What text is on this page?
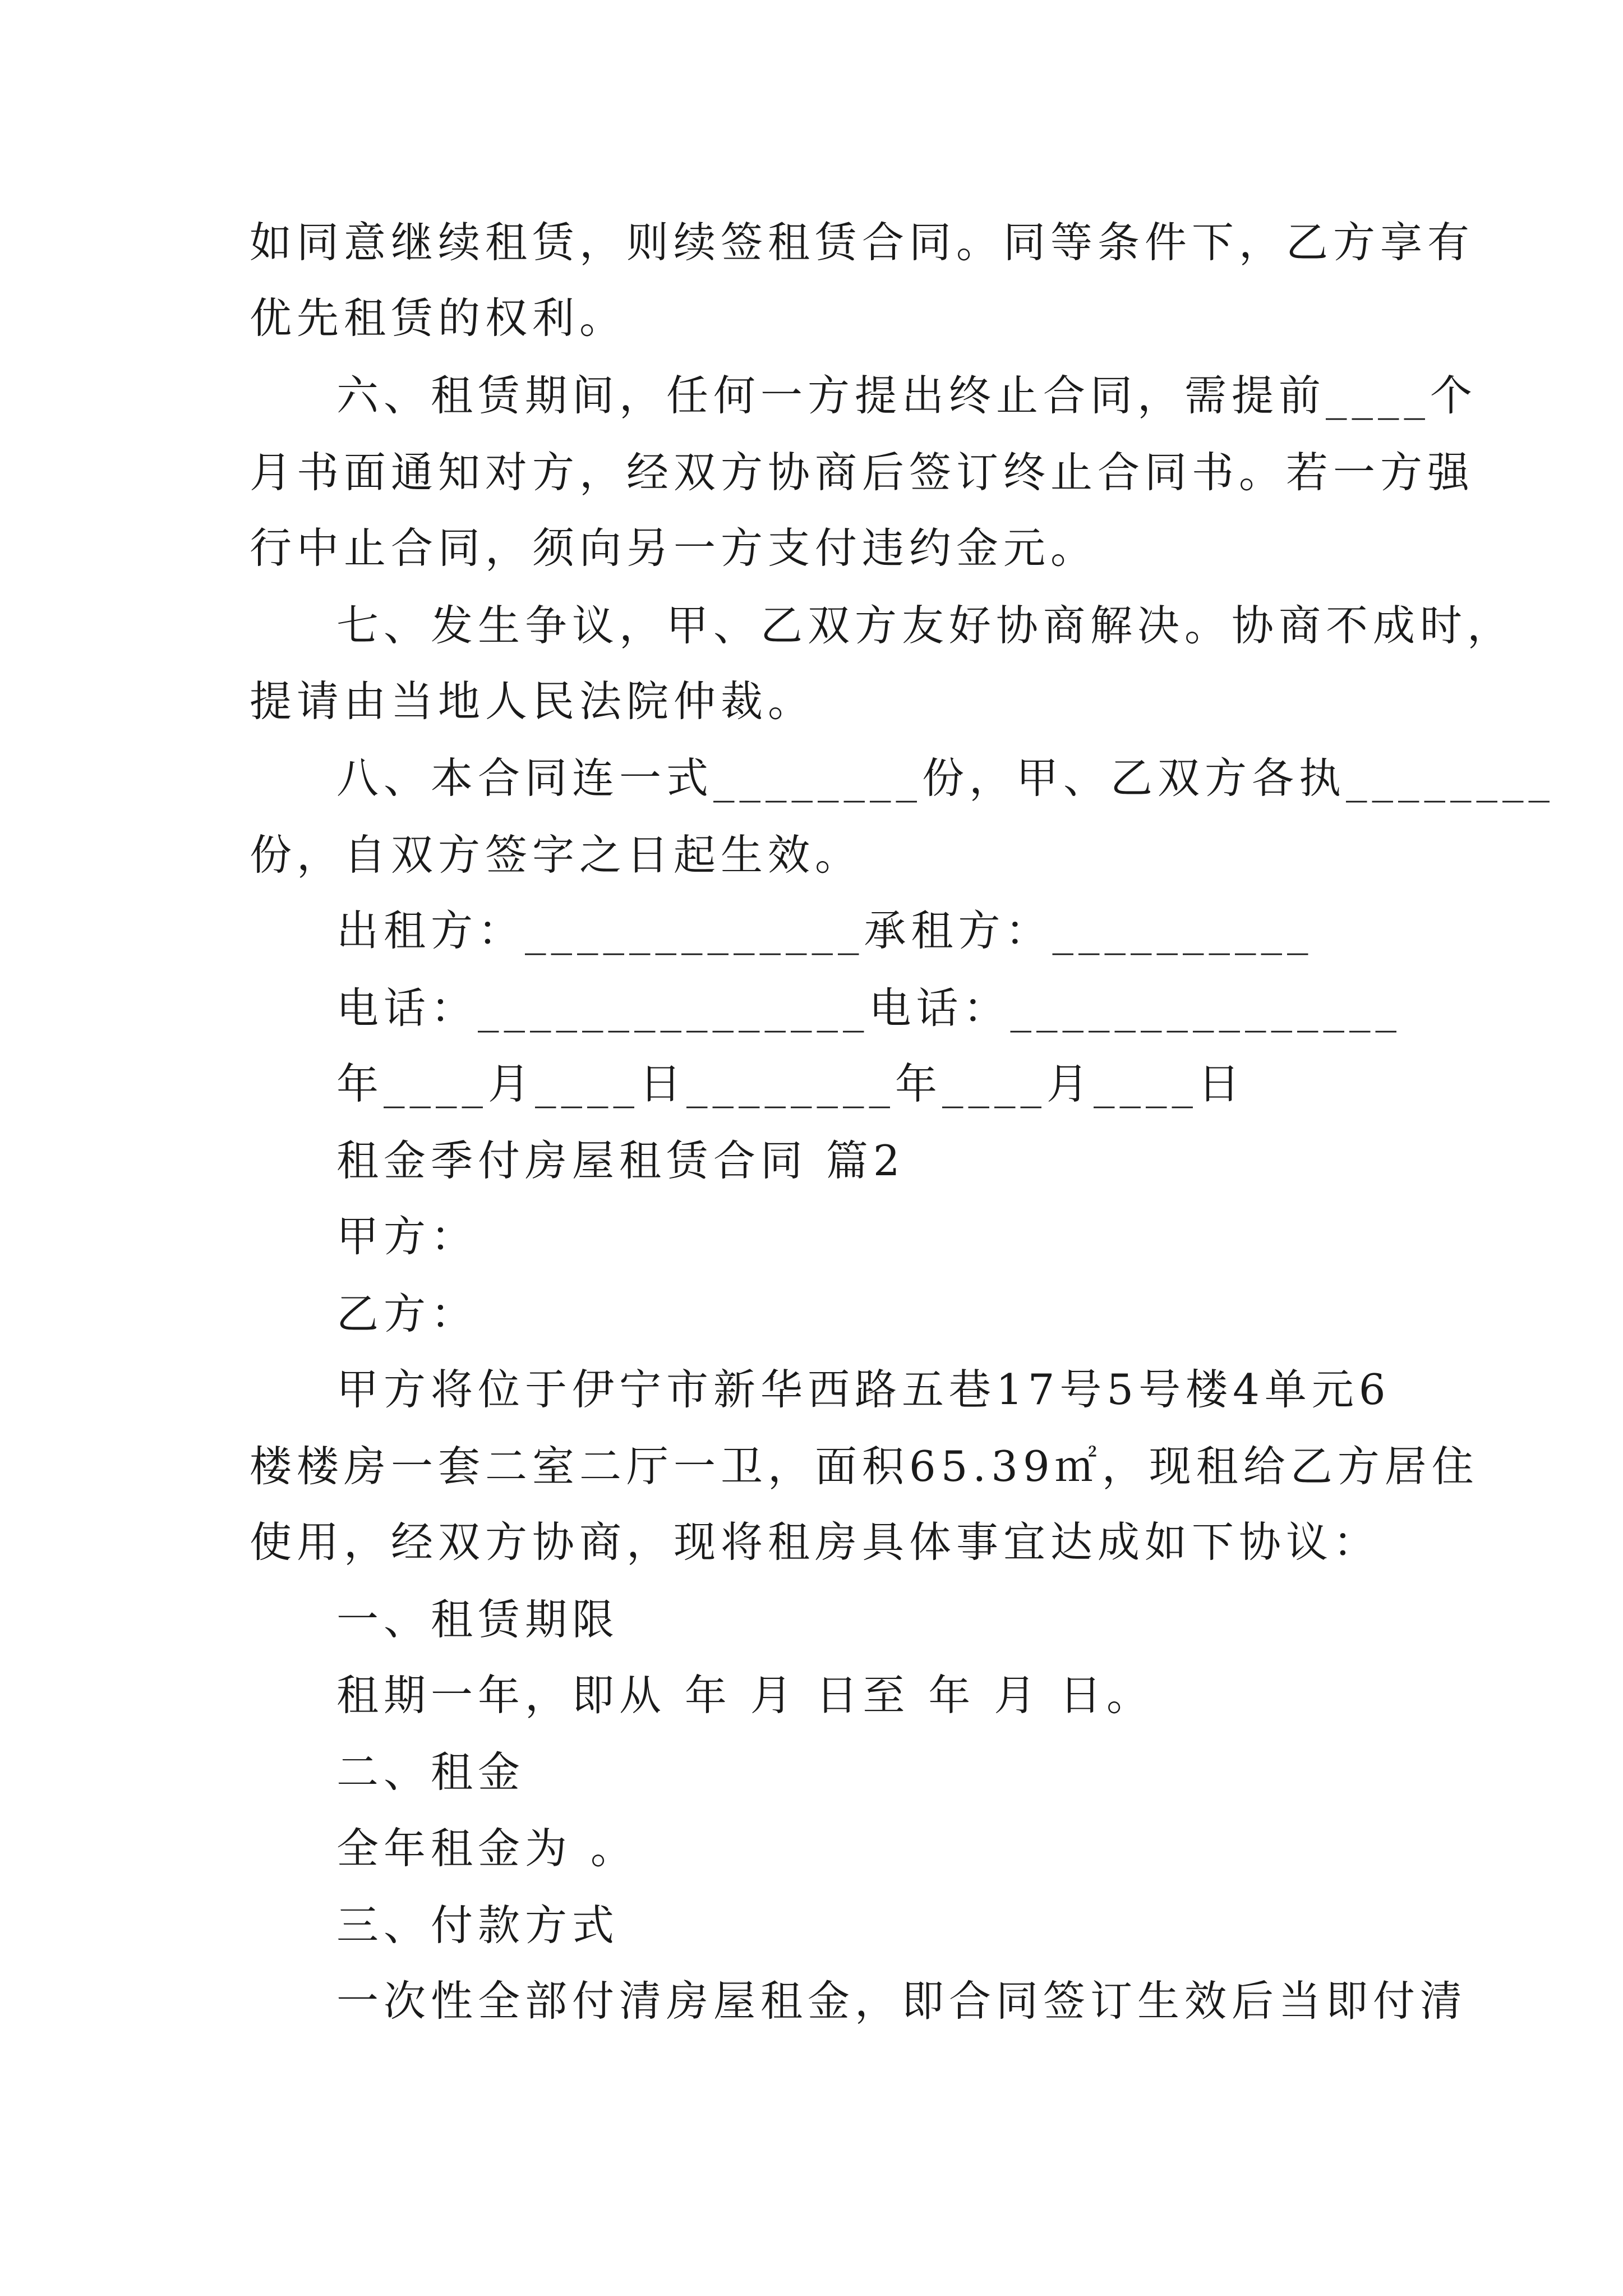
如同意继续租赁，则续签租赁合同。同等条件下，乙方享有
优先租赁的权利。
六、租赁期间，任何一方提出终止合同，需提前____个
月书面通知对方，经双方协商后签订终止合同书。若一方强
行中止合同，须向另一方支付违约金元。
七、发生争议，甲、乙双方友好协商解决。协商不成时，
提请由当地人民法院仲裁。
八、本合同连一式________份，甲、乙双方各执________
份，自双方签字之日起生效。
出租方：_____________承租方：__________
电话：_______________电话：_______________
年____月____日________年____月____日
租金季付房屋租赁合同 篇2
甲方：
乙方：
甲方将位于伊宁市新华西路五巷17号5号楼4单元6
楼楼房一套二室二厅一卫，面积65.39㎡，现租给乙方居住
使用，经双方协商，现将租房具体事宜达成如下协议：
一、租赁期限
租期一年，即从 年 月 日至 年 月 日。
二、租金
全年租金为 。
三、付款方式
一次性全部付清房屋租金，即合同签订生效后当即付清
